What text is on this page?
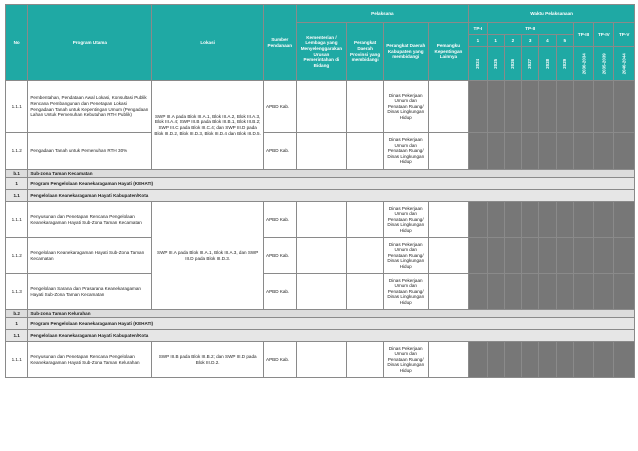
No	Program Utama	Lokasi	Sumber Pendanaan	Pelaksana				Waktu Pelaksanaan								
				Kementerian / Lembaga yang Menyelenggarakan Urusan Pemerintahan di Bidang	Perangkat Daerah Provinsi yang membidangi	Perangkat Daerah Kabupaten yang membidangi	Pemangku Kepentingan Lainnya	TP-I	TP-II					TP-III	TP-IV	TP-V
								1	1	2	3	4	5			
								2024	2025	2026	2027	2028	2029	2030-2034	2035-2039	2040-2044
1.1.1	Pembentahan, Pendataan Awal Lokasi, Konsultasi Publik Rencana Pembangunan dan Penetapan Lokasi Pengadaan Tanah untuk Kepentingan Umum (Pengadaan Lahan Untuk Pemenuhan Kebutuhan RTH Publik)	SWP III.A pada Blok III.A.1, Blok III.A.2, Blok III.A.3, Blok III.A.4; SWP III.B pada Blok III.B.1, Blok III.B.2; SWP III.C pada Blok III.C.4; dan SWP III.D pada Blok III.D.2, Blok III.D.3, Blok III.D.4 dan Blok III.D.5.	APBD Kab.			Dinas Pekerjaan Umum dan Penataan Ruang/ Dinas Lingkungan Hidup										
1.1.2	Pengadaan Tanah untuk Pemenuhan RTH 30%		APBD Kab.			Dinas Pekerjaan Umum dan Penataan Ruang/ Dinas Lingkungan Hidup										
b.1	Sub-zona Taman Kecamatan															
1	Program Pengelolaan Keanekaragaman Hayati (KEHATI)															
1.1	Pengelolaan Keanekaragaman Hayati Kabupaten/Kota															
1.1.1	Penyusunan dan Penetapan Rencana Pengelolaan Keanekaragaman Hayati Sub-Zona Taman Kecamatan	SWP III.A pada Blok III.A.1, Blok III.A.3, dan SWP III.D pada Blok III.D.3.	APBD Kab.			Dinas Pekerjaan Umum dan Penataan Ruang/ Dinas Lingkungan Hidup										
1.1.2	Pengelolaan Keanekaragaman Hayati Sub-Zona Taman Kecamatan		APBD Kab.			Dinas Pekerjaan Umum dan Penataan Ruang/ Dinas Lingkungan Hidup										
1.1.3	Pengelolaan Sarana dan Prasarana Keanekaragaman Hayati Sub-Zona Taman Kecamatan		APBD Kab.			Dinas Pekerjaan Umum dan Penataan Ruang/ Dinas Lingkungan Hidup										
b.2	Sub-zona Taman Kelurahan															
1	Program Pengelolaan Keanekaragaman Hayati (KEHATI)															
1.1	Pengelolaan Keanekaragaman Hayati Kabupaten/Kota															
1.1.1	Penyusunan dan Penetapan Rencana Pengelolaan Keanekaragaman Hayati Sub-Zona Taman Kelurahan	SWP III.B pada Blok III.B.2; dan SWP III.D pada Blok III.D.2.	APBD Kab.			Dinas Pekerjaan Umum dan Penataan Ruang/ Dinas Lingkungan Hidup										
